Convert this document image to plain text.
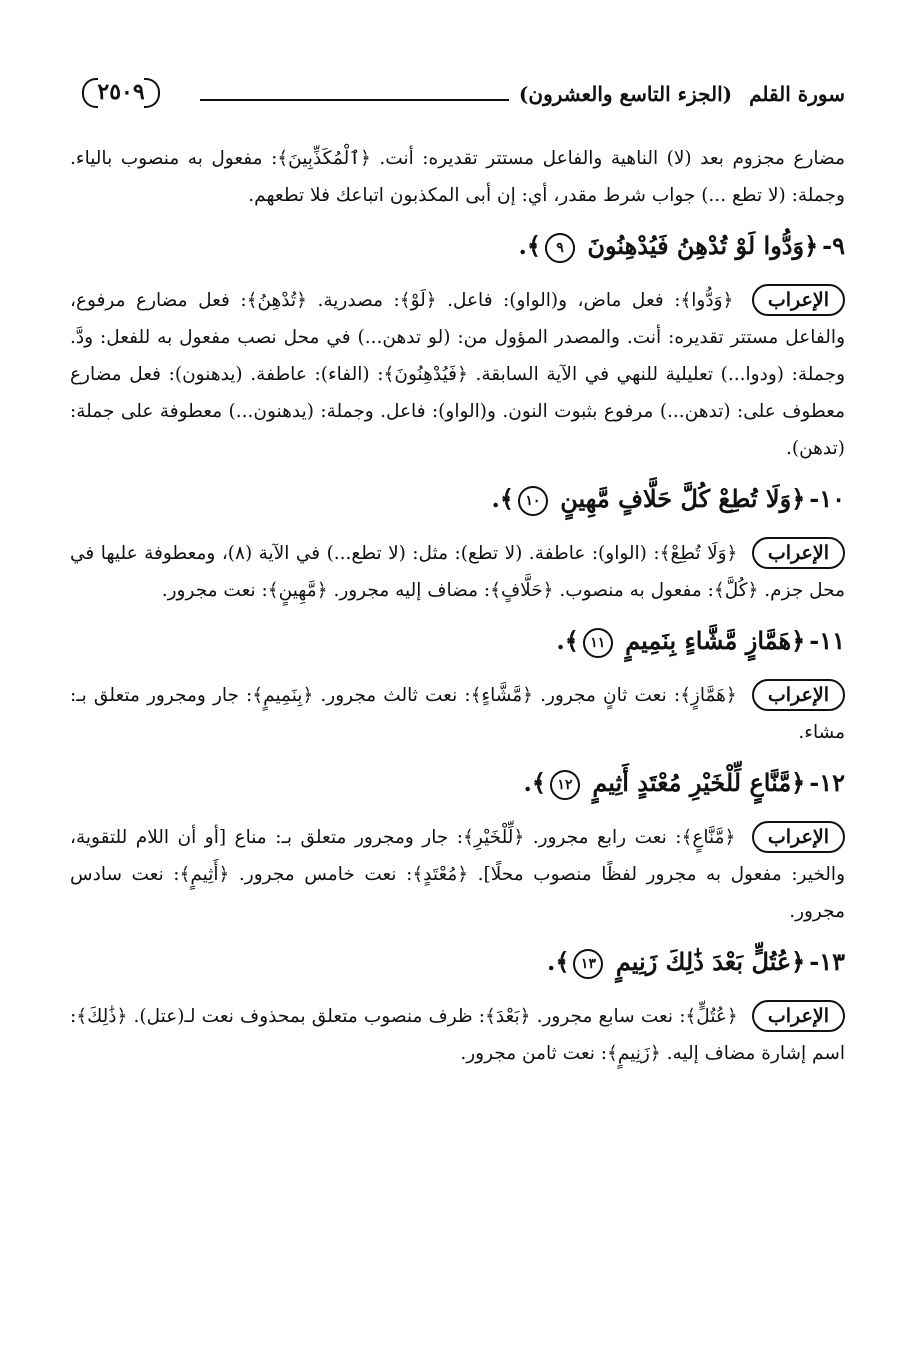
سورة القلم (الجزء التاسع والعشرون)
٢٥٠٩

مضارع مجزوم بعد (لا) الناهية والفاعل مستتر تقديره: أنت. ﴿ٱلْمُكَذِّبِينَ﴾: مفعول به منصوب بالياء. وجملة: (لا تطع ...) جواب شرط مقدر، أي: إن أبى المكذبون اتباعك فلا تطعهم.

٩-﴿وَدُّوا لَوْ تُدْهِنُ فَيُدْهِنُونَ ٩﴾.

الإعراب ﴿وَدُّوا﴾: فعل ماض، و(الواو): فاعل. ﴿لَوْ﴾: مصدرية. ﴿تُدْهِنُ﴾: فعل مضارع مرفوع، والفاعل مستتر تقديره: أنت. والمصدر المؤول من: (لو تدهن...) في محل نصب مفعول به للفعل: ودَّ. وجملة: (ودوا...) تعليلية للنهي في الآية السابقة. ﴿فَيُدْهِنُونَ﴾: (الفاء): عاطفة. (يدهنون): فعل مضارع معطوف على: (تدهن...) مرفوع بثبوت النون. و(الواو): فاعل. وجملة: (يدهنون...) معطوفة على جملة: (تدهن).

١٠-﴿وَلَا تُطِعْ كُلَّ حَلَّافٍ مَّهِينٍ ١٠﴾.

الإعراب ﴿وَلَا تُطِعْ﴾: (الواو): عاطفة. (لا تطع): مثل: (لا تطع...) في الآية (٨)، ومعطوفة عليها في محل جزم. ﴿كُلَّ﴾: مفعول به منصوب. ﴿حَلَّافٍ﴾: مضاف إليه مجرور. ﴿مَّهِينٍ﴾: نعت مجرور.

١١-﴿هَمَّازٍ مَّشَّاءٍ بِنَمِيمٍ ١١﴾.

الإعراب ﴿هَمَّازٍ﴾: نعت ثانٍ مجرور. ﴿مَّشَّاءٍ﴾: نعت ثالث مجرور. ﴿بِنَمِيمٍ﴾: جار ومجرور متعلق بـ: مشاء.

١٢-﴿مَّنَّاعٍ لِّلْخَيْرِ مُعْتَدٍ أَثِيمٍ ١٢﴾.

الإعراب ﴿مَّنَّاعٍ﴾: نعت رابع مجرور. ﴿لِّلْخَيْرِ﴾: جار ومجرور متعلق بـ: مناع [أو أن اللام للتقوية، والخير: مفعول به مجرور لفظًا منصوب محلًا]. ﴿مُعْتَدٍ﴾: نعت خامس مجرور. ﴿أَثِيمٍ﴾: نعت سادس مجرور.

١٣-﴿عُتُلٍّ بَعْدَ ذَٰلِكَ زَنِيمٍ ١٣﴾.

الإعراب ﴿عُتُلٍّ﴾: نعت سابع مجرور. ﴿بَعْدَ﴾: ظرف منصوب متعلق بمحذوف نعت لـ(عتل). ﴿ذَٰلِكَ﴾: اسم إشارة مضاف إليه. ﴿زَنِيمٍ﴾: نعت ثامن مجرور.
